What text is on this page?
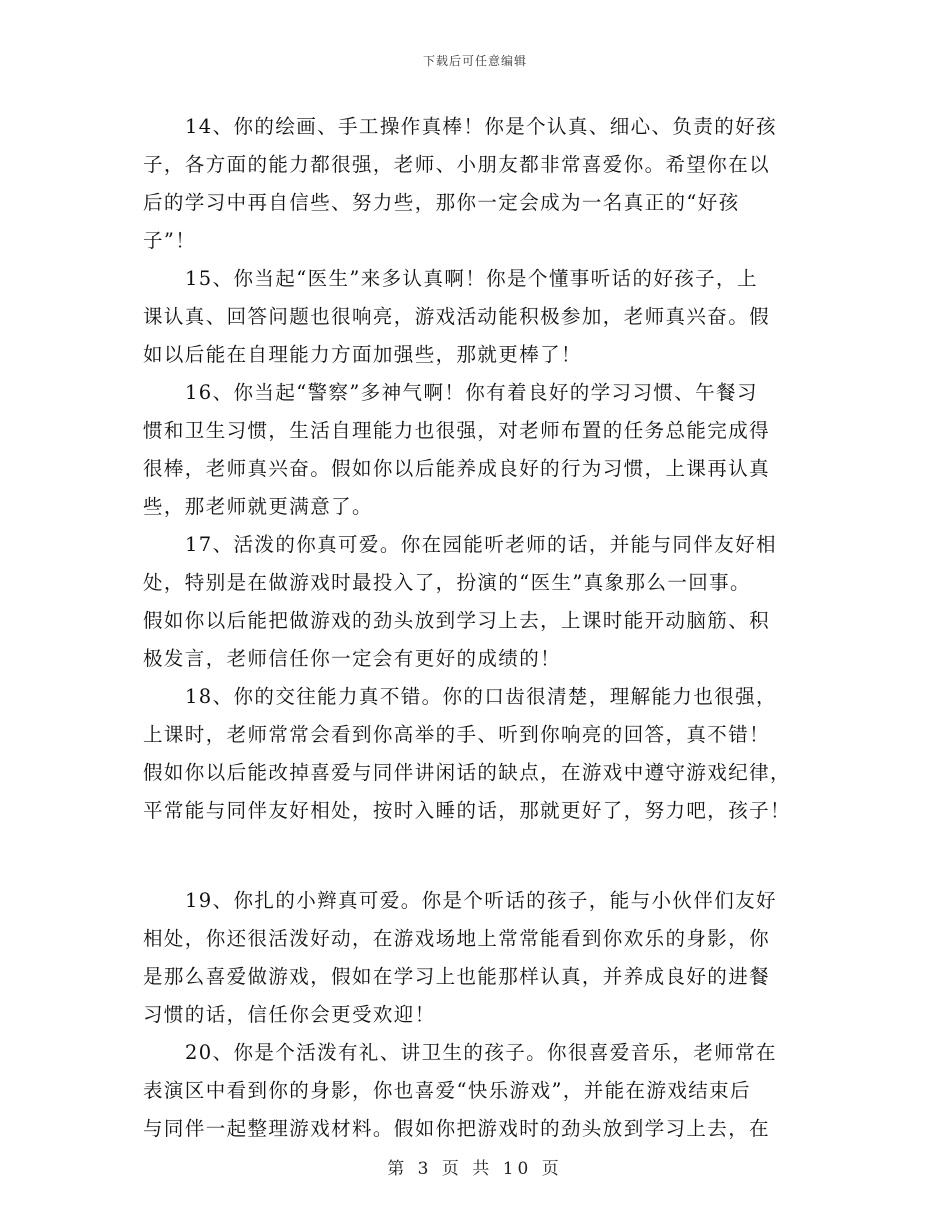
下载后可任意编辑
14、你的绘画、手工操作真棒！你是个认真、细心、负责的好孩
子，各方面的能力都很强，老师、小朋友都非常喜爱你。希望你在以
后的学习中再自信些、努力些，那你一定会成为一名真正的“好孩
子”！
15、你当起“医生”来多认真啊！你是个懂事听话的好孩子，上
课认真、回答问题也很响亮，游戏活动能积极参加，老师真兴奋。假
如以后能在自理能力方面加强些，那就更棒了！
16、你当起“警察”多神气啊！你有着良好的学习习惯、午餐习
惯和卫生习惯，生活自理能力也很强，对老师布置的任务总能完成得
很棒，老师真兴奋。假如你以后能养成良好的行为习惯，上课再认真
些，那老师就更满意了。
17、活泼的你真可爱。你在园能听老师的话，并能与同伴友好相
处，特别是在做游戏时最投入了，扮演的“医生”真象那么一回事。
假如你以后能把做游戏的劲头放到学习上去，上课时能开动脑筋、积
极发言，老师信任你一定会有更好的成绩的！
18、你的交往能力真不错。你的口齿很清楚，理解能力也很强，
上课时，老师常常会看到你高举的手、听到你响亮的回答，真不错！
假如你以后能改掉喜爱与同伴讲闲话的缺点，在游戏中遵守游戏纪律，
平常能与同伴友好相处，按时入睡的话，那就更好了，努力吧，孩子！
19、你扎的小辫真可爱。你是个听话的孩子，能与小伙伴们友好
相处，你还很活泼好动，在游戏场地上常常能看到你欢乐的身影，你
是那么喜爱做游戏，假如在学习上也能那样认真，并养成良好的进餐
习惯的话，信任你会更受欢迎！
20、你是个活泼有礼、讲卫生的孩子。你很喜爱音乐，老师常在
表演区中看到你的身影，你也喜爱“快乐游戏”，并能在游戏结束后
与同伴一起整理游戏材料。假如你把游戏时的劲头放到学习上去，在
第 3 页 共 10 页
